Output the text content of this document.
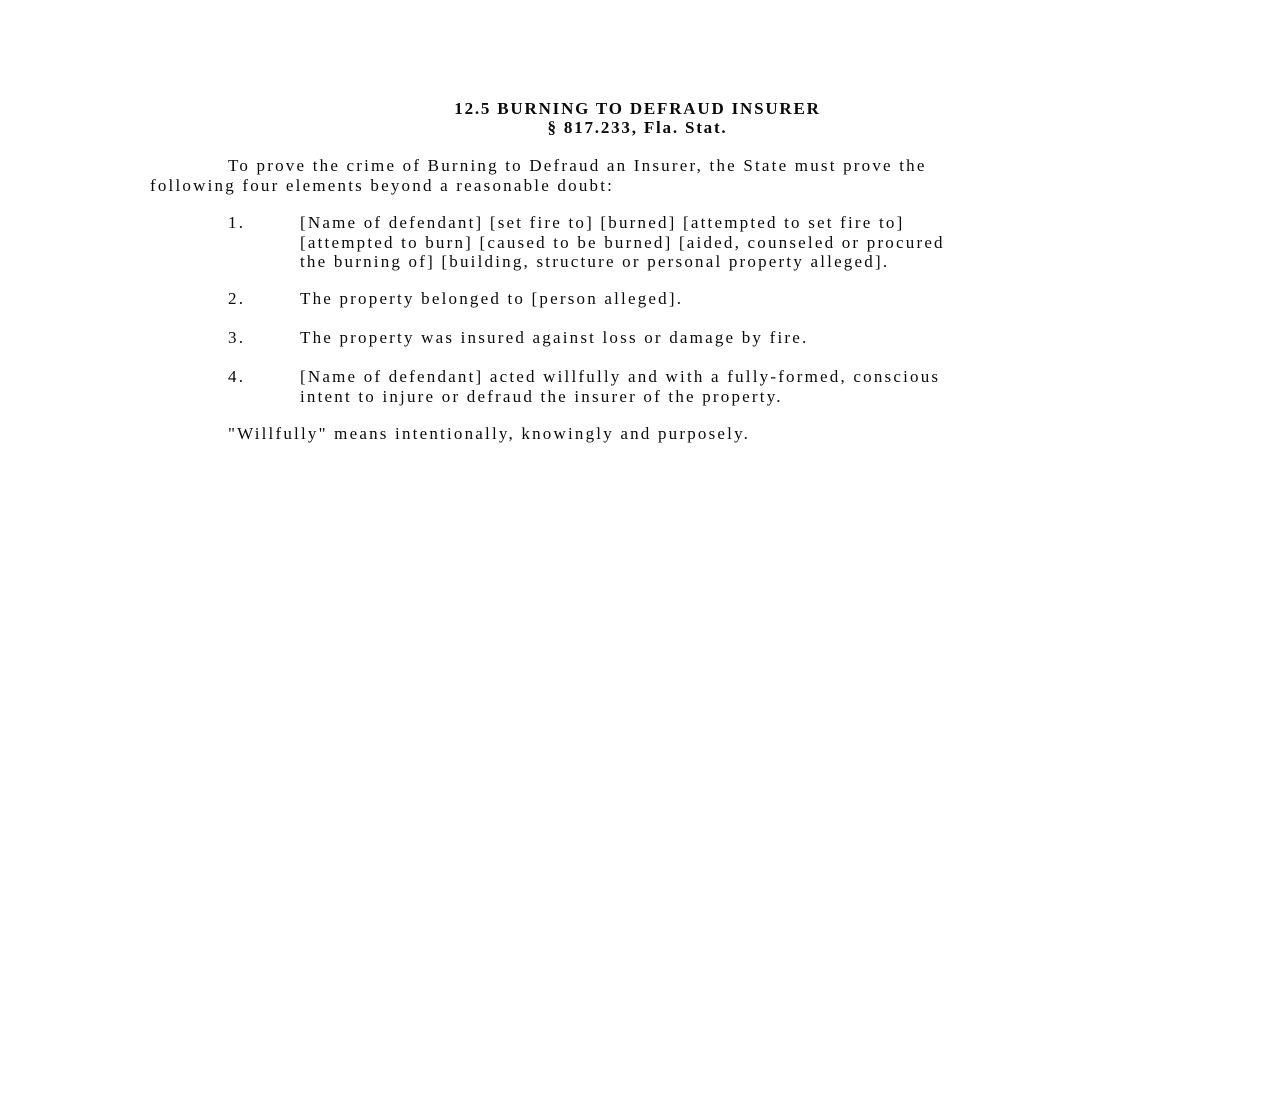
12.5 BURNING TO DEFRAUD INSURER
§ 817.233, Fla. Stat.
To prove the crime of Burning to Defraud an Insurer, the State must prove the
following four elements beyond a reasonable doubt:
1.	[Name of defendant] [set fire to] [burned] [attempted to set fire to]
[attempted to burn] [caused to be burned] [aided, counseled or procured
the burning of] [building, structure or personal property alleged].
2.	The property belonged to [person alleged].
3.	The property was insured against loss or damage by fire.
4.	[Name of defendant] acted willfully and with a fully-formed, conscious
intent to injure or defraud the insurer of the property.
"Willfully" means intentionally, knowingly and purposely.
